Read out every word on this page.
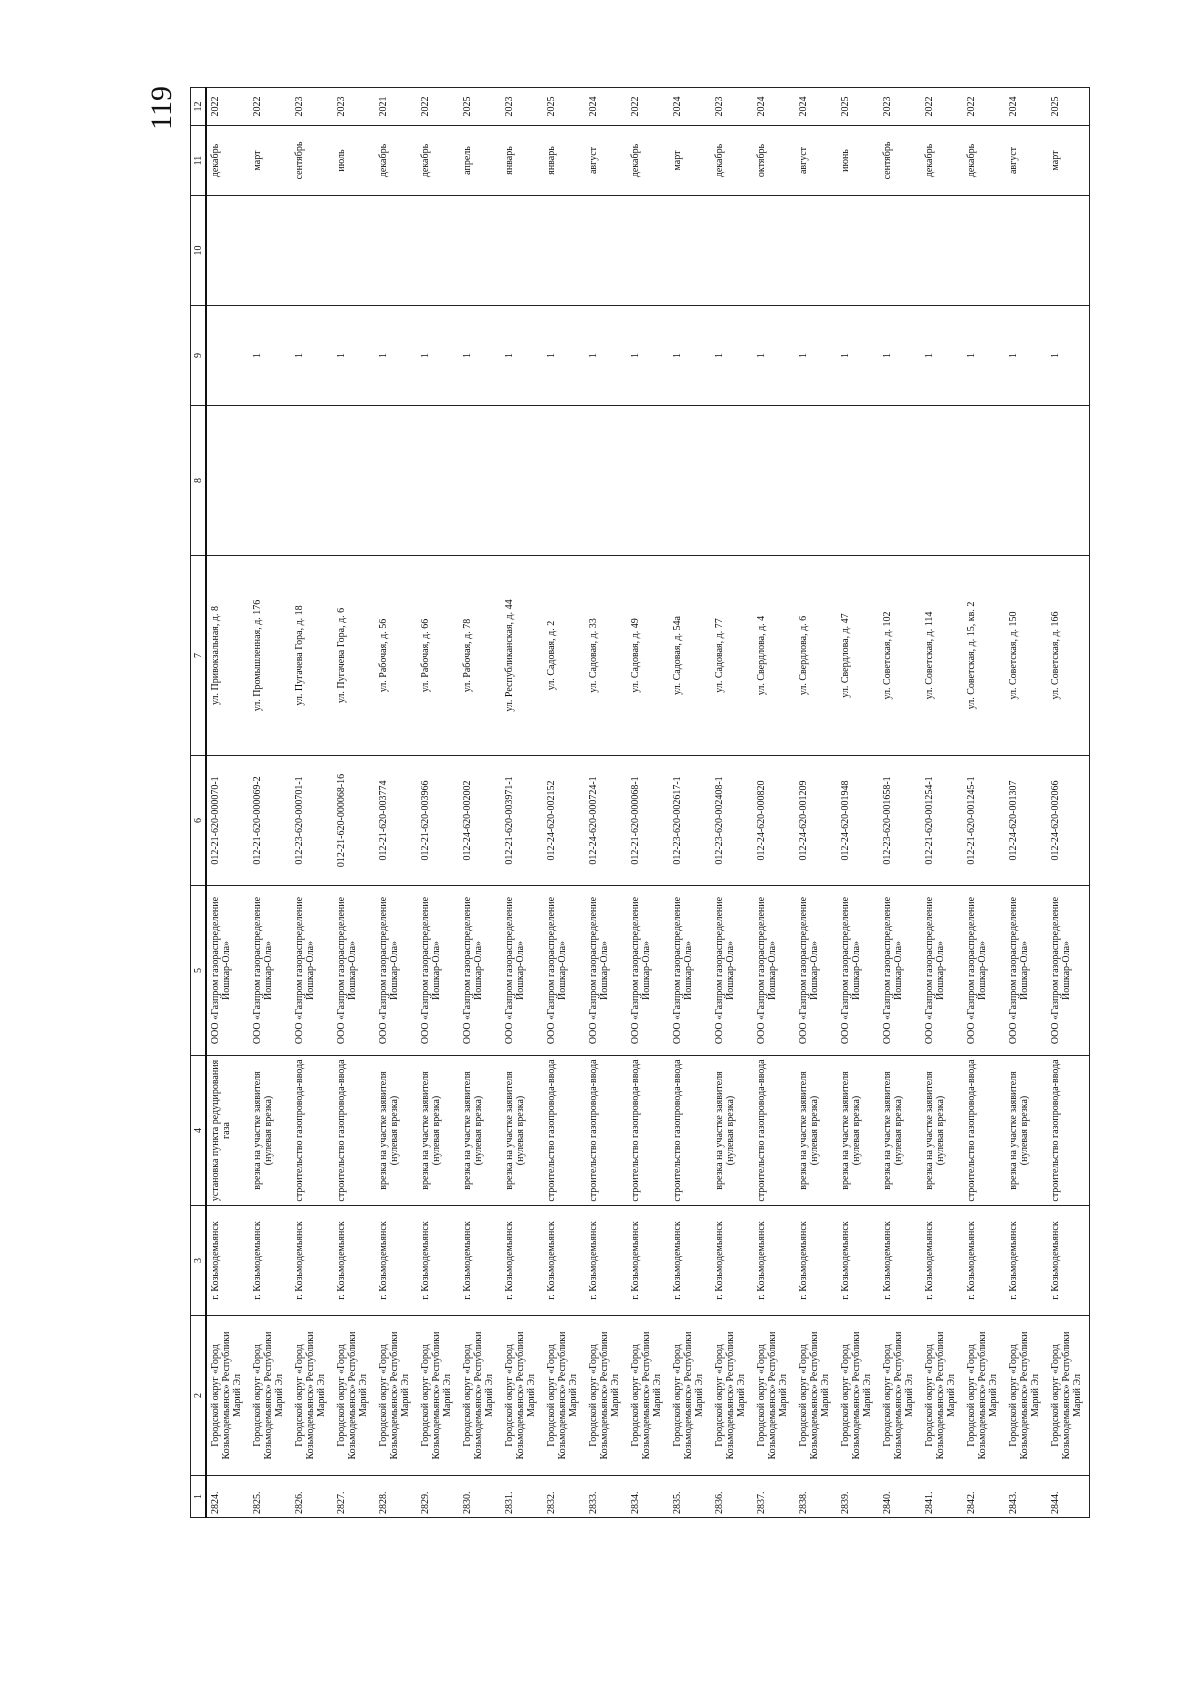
119
1	2	3	4	5	6	7	8	9	10	11	12
2824.	Городской округ «Город Козьмодемьянск» Республики Марий Эл	г. Козьмодемьянск	установка пункта редуцирования газа	ООО «Газпром газораспределение Йошкар-Ола»	012-21-620-000070-1	ул. Привокзальная, д. 8				декабрь	2022
2825.	Городской округ «Город Козьмодемьянск» Республики Марий Эл	г. Козьмодемьянск	врезка на участке заявителя (нулевая врезка)	ООО «Газпром газораспределение Йошкар-Ола»	012-21-620-000069-2	ул. Промышленная, д. 176		1		март	2022
2826.	Городской округ «Город Козьмодемьянск» Республики Марий Эл	г. Козьмодемьянск	строительство газопровода-ввода	ООО «Газпром газораспределение Йошкар-Ола»	012-23-620-000701-1	ул. Пугачева Гора, д. 18		1		сентябрь	2023
2827.	Городской округ «Город Козьмодемьянск» Республики Марий Эл	г. Козьмодемьянск	строительство газопровода-ввода	ООО «Газпром газораспределение Йошкар-Ола»	012-21-620-000068-16	ул. Пугачева Гора, д. 6		1		июль	2023
2828.	Городской округ «Город Козьмодемьянск» Республики Марий Эл	г. Козьмодемьянск	врезка на участке заявителя (нулевая врезка)	ООО «Газпром газораспределение Йошкар-Ола»	012-21-620-003774	ул. Рабочая, д. 56		1		декабрь	2021
2829.	Городской округ «Город Козьмодемьянск» Республики Марий Эл	г. Козьмодемьянск	врезка на участке заявителя (нулевая врезка)	ООО «Газпром газораспределение Йошкар-Ола»	012-21-620-003966	ул. Рабочая, д. 66		1		декабрь	2022
2830.	Городской округ «Город Козьмодемьянск» Республики Марий Эл	г. Козьмодемьянск	врезка на участке заявителя (нулевая врезка)	ООО «Газпром газораспределение Йошкар-Ола»	012-24-620-002002	ул. Рабочая, д. 78		1		апрель	2025
2831.	Городской округ «Город Козьмодемьянск» Республики Марий Эл	г. Козьмодемьянск	врезка на участке заявителя (нулевая врезка)	ООО «Газпром газораспределение Йошкар-Ола»	012-21-620-003971-1	ул. Республиканская, д. 44		1		январь	2023
2832.	Городской округ «Город Козьмодемьянск» Республики Марий Эл	г. Козьмодемьянск	строительство газопровода-ввода	ООО «Газпром газораспределение Йошкар-Ола»	012-24-620-002152	ул. Садовая, д. 2		1		январь	2025
2833.	Городской округ «Город Козьмодемьянск» Республики Марий Эл	г. Козьмодемьянск	строительство газопровода-ввода	ООО «Газпром газораспределение Йошкар-Ола»	012-24-620-000724-1	ул. Садовая, д. 33		1		август	2024
2834.	Городской округ «Город Козьмодемьянск» Республики Марий Эл	г. Козьмодемьянск	строительство газопровода-ввода	ООО «Газпром газораспределение Йошкар-Ола»	012-21-620-000068-1	ул. Садовая, д. 49		1		декабрь	2022
2835.	Городской округ «Город Козьмодемьянск» Республики Марий Эл	г. Козьмодемьянск	строительство газопровода-ввода	ООО «Газпром газораспределение Йошкар-Ола»	012-23-620-002617-1	ул. Садовая, д. 54а		1		март	2024
2836.	Городской округ «Город Козьмодемьянск» Республики Марий Эл	г. Козьмодемьянск	врезка на участке заявителя (нулевая врезка)	ООО «Газпром газораспределение Йошкар-Ола»	012-23-620-002408-1	ул. Садовая, д. 77		1		декабрь	2023
2837.	Городской округ «Город Козьмодемьянск» Республики Марий Эл	г. Козьмодемьянск	строительство газопровода-ввода	ООО «Газпром газораспределение Йошкар-Ола»	012-24-620-000820	ул. Свердлова, д. 4		1		октябрь	2024
2838.	Городской округ «Город Козьмодемьянск» Республики Марий Эл	г. Козьмодемьянск	врезка на участке заявителя (нулевая врезка)	ООО «Газпром газораспределение Йошкар-Ола»	012-24-620-001209	ул. Свердлова, д. 6		1		август	2024
2839.	Городской округ «Город Козьмодемьянск» Республики Марий Эл	г. Козьмодемьянск	врезка на участке заявителя (нулевая врезка)	ООО «Газпром газораспределение Йошкар-Ола»	012-24-620-001948	ул. Свердлова, д. 47		1		июнь	2025
2840.	Городской округ «Город Козьмодемьянск» Республики Марий Эл	г. Козьмодемьянск	врезка на участке заявителя (нулевая врезка)	ООО «Газпром газораспределение Йошкар-Ола»	012-23-620-001658-1	ул. Советская, д. 102		1		сентябрь	2023
2841.	Городской округ «Город Козьмодемьянск» Республики Марий Эл	г. Козьмодемьянск	врезка на участке заявителя (нулевая врезка)	ООО «Газпром газораспределение Йошкар-Ола»	012-21-620-001254-1	ул. Советская, д. 114		1		декабрь	2022
2842.	Городской округ «Город Козьмодемьянск» Республики Марий Эл	г. Козьмодемьянск	строительство газопровода-ввода	ООО «Газпром газораспределение Йошкар-Ола»	012-21-620-001245-1	ул. Советская, д. 15, кв. 2		1		декабрь	2022
2843.	Городской округ «Город Козьмодемьянск» Республики Марий Эл	г. Козьмодемьянск	врезка на участке заявителя (нулевая врезка)	ООО «Газпром газораспределение Йошкар-Ола»	012-24-620-001307	ул. Советская, д. 150		1		август	2024
2844.	Городской округ «Город Козьмодемьянск» Республики Марий Эл	г. Козьмодемьянск	строительство газопровода-ввода	ООО «Газпром газораспределение Йошкар-Ола»	012-24-620-002066	ул. Советская, д. 166		1		март	2025
